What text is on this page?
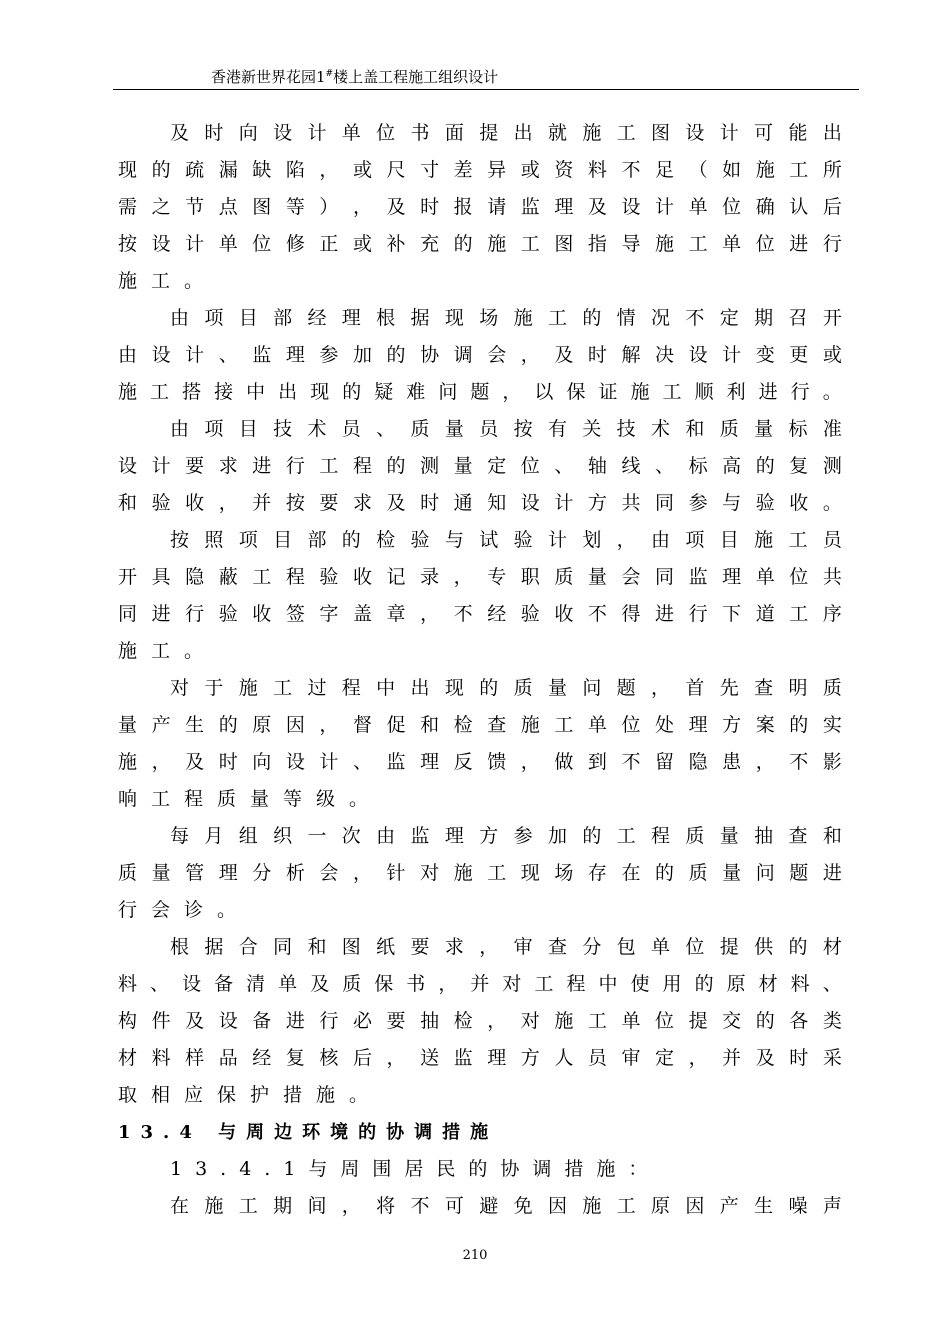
香港新世界花园1#楼上盖工程施工组织设计
及 时 向 设 计 单 位 书 面 提 出 就 施 工 图 设 计 可 能 出
现 的 疏 漏 缺 陷 ， 或 尺 寸 差 异 或 资 料 不 足 （ 如 施 工 所
需 之 节 点 图 等 ） ， 及 时 报 请 监 理 及 设 计 单 位 确 认 后
按 设 计 单 位 修 正 或 补 充 的 施 工 图 指 导 施 工 单 位 进 行
施工。
由 项 目 部 经 理 根 据 现 场 施 工 的 情 况 不 定 期 召 开
由 设 计 、 监 理 参 加 的 协 调 会 ， 及 时 解 决 设 计 变 更 或
施 工 搭 接 中 出 现 的 疑 难 问 题 ， 以 保 证 施 工 顺 利 进 行 。
由 项 目 技 术 员 、 质 量 员 按 有 关 技 术 和 质 量 标 准
设 计 要 求 进 行 工 程 的 测 量 定 位 、 轴 线 、 标 高 的 复 测
和 验 收 ， 并 按 要 求 及 时 通 知 设 计 方 共 同 参 与 验 收 。
按 照 项 目 部 的 检 验 与 试 验 计 划 ， 由 项 目 施 工 员
开 具 隐 蔽 工 程 验 收 记 录 ， 专 职 质 量 会 同 监 理 单 位 共
同 进 行 验 收 签 字 盖 章 ， 不 经 验 收 不 得 进 行 下 道 工 序
施工。
对 于 施 工 过 程 中 出 现 的 质 量 问 题 ， 首 先 查 明 质
量 产 生 的 原 因 ， 督 促 和 检 查 施 工 单 位 处 理 方 案 的 实
施 ， 及 时 向 设 计 、 监 理 反 馈 ， 做 到 不 留 隐 患 ， 不 影
响工程质量等级。
每 月 组 织 一 次 由 监 理 方 参 加 的 工 程 质 量 抽 查 和
质 量 管 理 分 析 会 ， 针 对 施 工 现 场 存 在 的 质 量 问 题 进
行会诊。
根 据 合 同 和 图 纸 要 求 ， 审 查 分 包 单 位 提 供 的 材
料 、 设 备 清 单 及 质 保 书 ， 并 对 工 程 中 使 用 的 原 材 料 、
构 件 及 设 备 进 行 必 要 抽 检 ， 对 施 工 单 位 提 交 的 各 类
材 料 样 品 经 复 核 后 ， 送 监 理 方 人 员 审 定 ， 并 及 时 采
取相应保护措施。
13.4 与周边环境的协调措施
13.4.1与周围居民的协调措施：
在 施 工 期 间 ， 将 不 可 避 免 因 施 工 原 因 产 生 噪 声
210
